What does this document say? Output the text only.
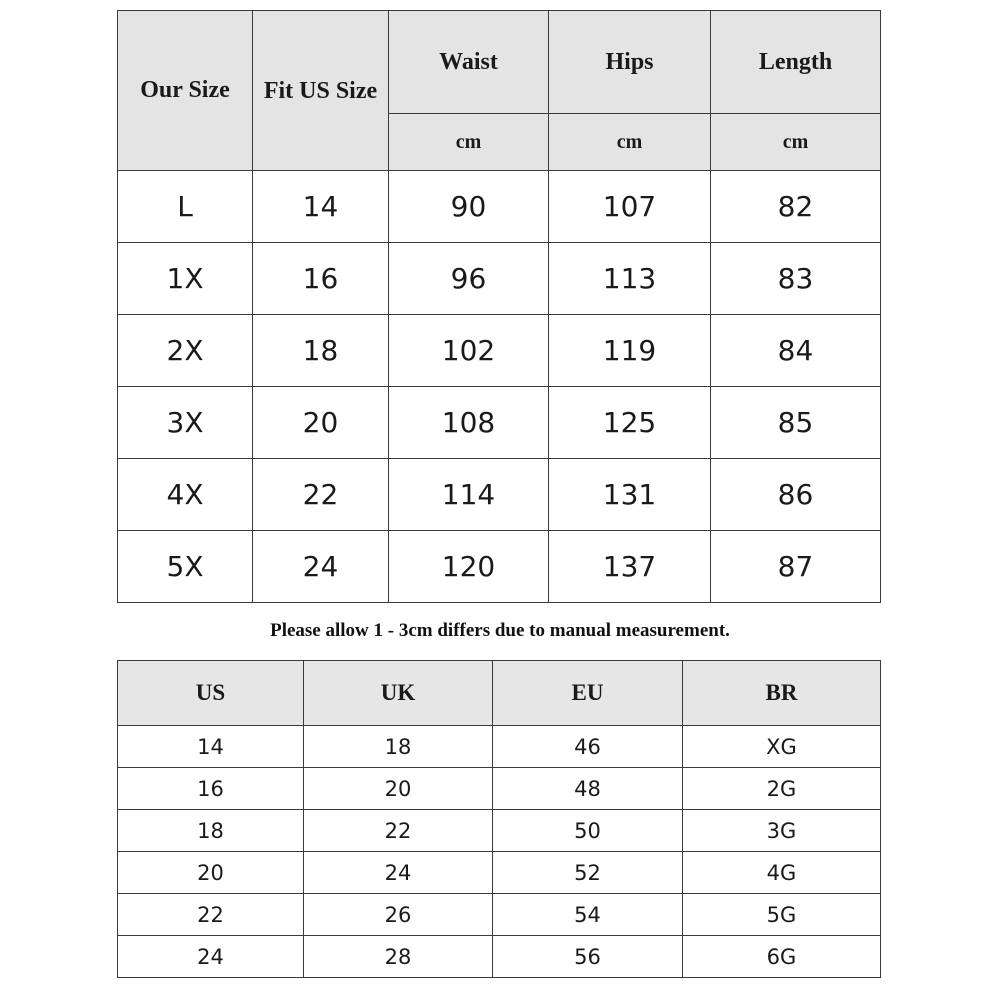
Our Size	Fit US Size	Waist	Hips	Length
		cm	cm	cm
L	14	90	107	82
1X	16	96	113	83
2X	18	102	119	84
3X	20	108	125	85
4X	22	114	131	86
5X	24	120	137	87
Please allow 1 - 3cm differs due to manual measurement.
US	UK	EU	BR
14	18	46	XG
16	20	48	2G
18	22	50	3G
20	24	52	4G
22	26	54	5G
24	28	56	6G
